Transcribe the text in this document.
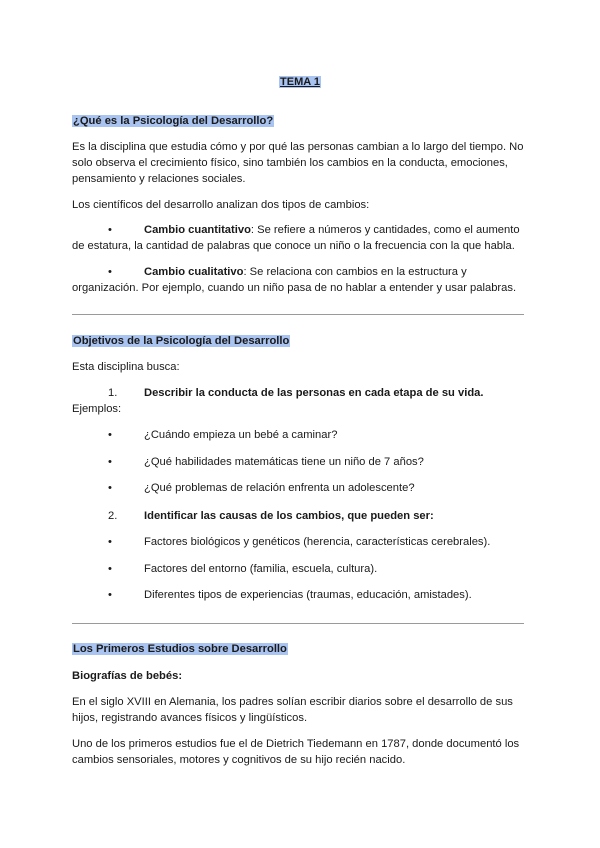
TEMA 1
¿Qué es la Psicología del Desarrollo?
Es la disciplina que estudia cómo y por qué las personas cambian a lo largo del tiempo. No
solo observa el crecimiento físico, sino también los cambios en la conducta, emociones,
pensamiento y relaciones sociales.
Los científicos del desarrollo analizan dos tipos de cambios:
•	Cambio cuantitativo: Se refiere a números y cantidades, como el aumento
de estatura, la cantidad de palabras que conoce un niño o la frecuencia con la que habla.
•	Cambio cualitativo: Se relaciona con cambios en la estructura y
organización. Por ejemplo, cuando un niño pasa de no hablar a entender y usar palabras.
Objetivos de la Psicología del Desarrollo
Esta disciplina busca:
1. Describir la conducta de las personas en cada etapa de su vida.
Ejemplos:
•	¿Cuándo empieza un bebé a caminar?
•	¿Qué habilidades matemáticas tiene un niño de 7 años?
•	¿Qué problemas de relación enfrenta un adolescente?
2. Identificar las causas de los cambios, que pueden ser:
•	Factores biológicos y genéticos (herencia, características cerebrales).
•	Factores del entorno (familia, escuela, cultura).
•	Diferentes tipos de experiencias (traumas, educación, amistades).
Los Primeros Estudios sobre Desarrollo
Biografías de bebés:
En el siglo XVIII en Alemania, los padres solían escribir diarios sobre el desarrollo de sus
hijos, registrando avances físicos y lingüísticos.
Uno de los primeros estudios fue el de Dietrich Tiedemann en 1787, donde documentó los
cambios sensoriales, motores y cognitivos de su hijo recién nacido.
